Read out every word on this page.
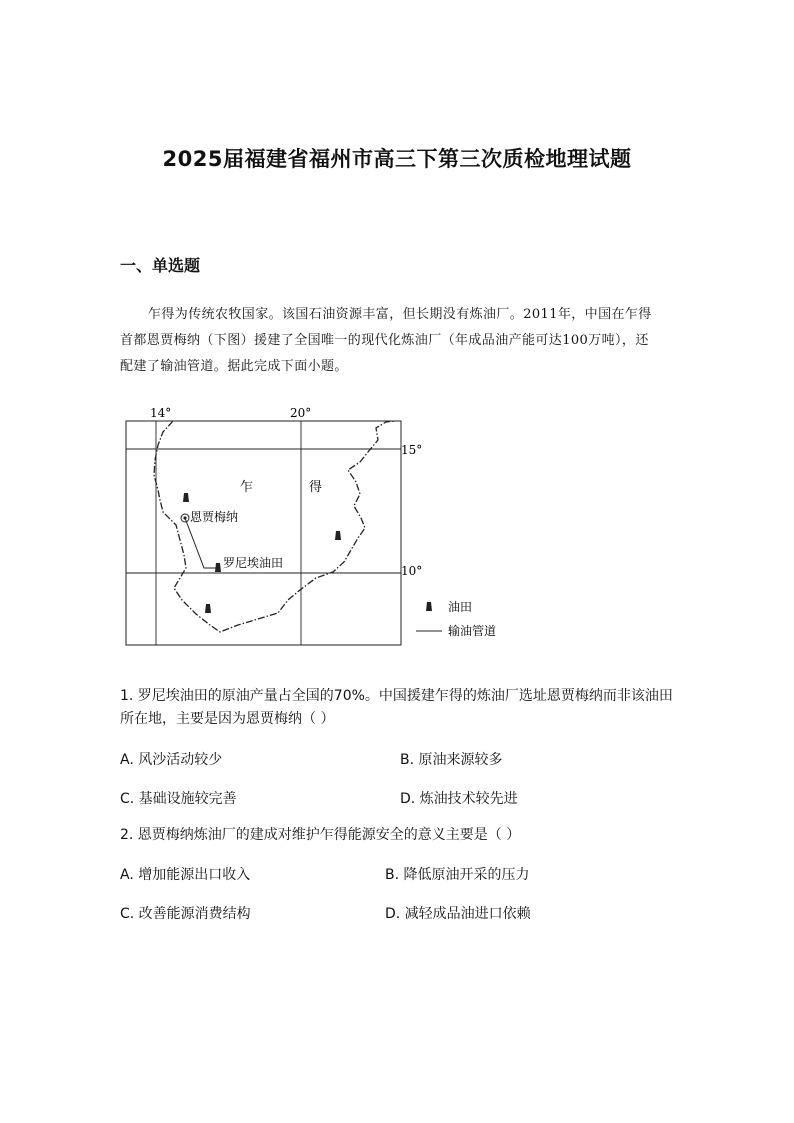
2025届福建省福州市高三下第三次质检地理试题
一、单选题
乍得为传统农牧国家。该国石油资源丰富，但长期没有炼油厂。2011年，中国在乍得首都恩贾梅纳（下图）援建了全国唯一的现代化炼油厂（年成品油产能可达100万吨），还配建了输油管道。据此完成下面小题。
14°	20°
15°
10°
恩贾梅纳
罗尼埃油田
乍	得
油田
输油管道
1. 罗尼埃油田的原油产量占全国的70%。中国援建乍得的炼油厂选址恩贾梅纳而非该油田所在地，主要是因为恩贾梅纳（ ）
A. 风沙活动较少	B. 原油来源较多
C. 基础设施较完善	D. 炼油技术较先进
2. 恩贾梅纳炼油厂的建成对维护乍得能源安全的意义主要是（ ）
A. 增加能源出口收入	B. 降低原油开采的压力
C. 改善能源消费结构	D. 减轻成品油进口依赖
